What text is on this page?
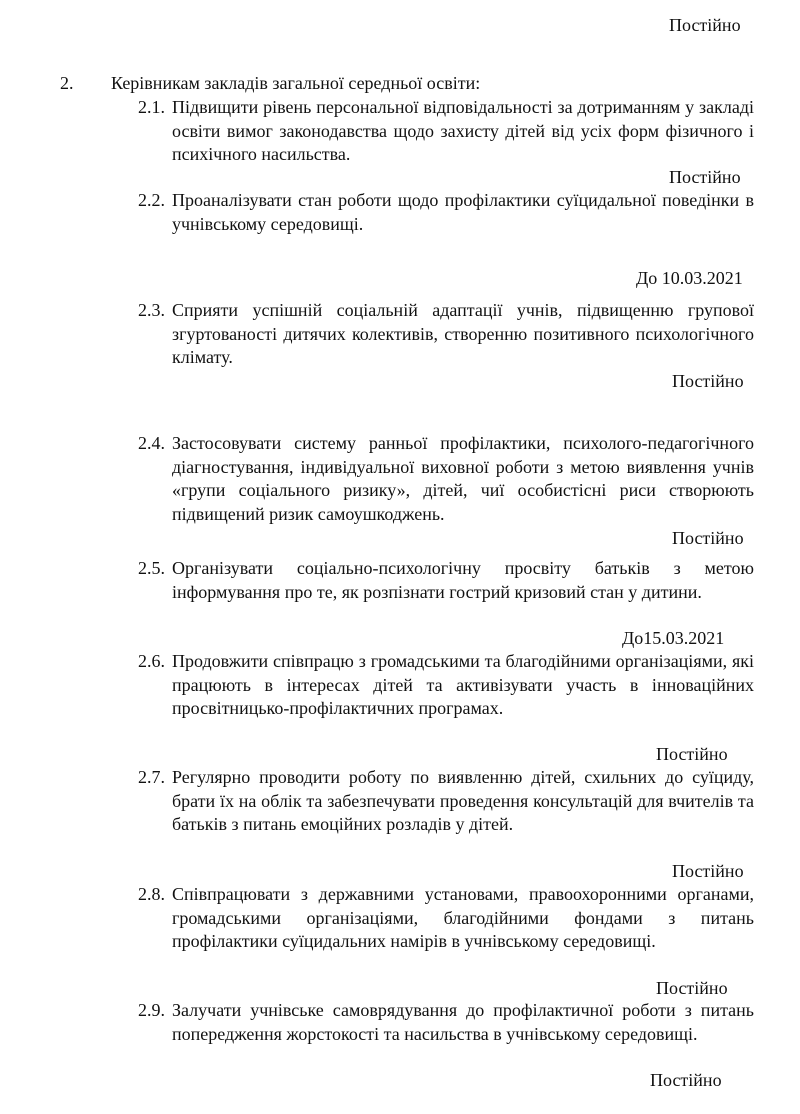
Постійно
2. Керівникам закладів загальної середньої освіти:
2.1. Підвищити рівень персональної відповідальності за дотриманням у закладі освіти вимог законодавства щодо захисту дітей від усіх форм фізичного і психічного насильства.
Постійно
2.2. Проаналізувати стан роботи щодо профілактики суїцидальної поведінки в учнівському середовищі.
До 10.03.2021
2.3. Сприяти успішній соціальній адаптації учнів, підвищенню групової згуртованості дитячих колективів, створенню позитивного психологічного клімату.
Постійно
2.4. Застосовувати систему ранньої профілактики, психолого-педагогічного діагностування, індивідуальної виховної роботи з метою виявлення учнів «групи соціального ризику», дітей, чиї особистісні риси створюють підвищений ризик самоушкоджень.
Постійно
2.5. Організувати соціально-психологічну просвіту батьків з метою інформування про те, як розпізнати гострий кризовий стан у дитини.
До15.03.2021
2.6. Продовжити співпрацю з громадськими та благодійними організаціями, які працюють в інтересах дітей та активізувати участь в інноваційних просвітницько-профілактичних програмах.
Постійно
2.7. Регулярно проводити роботу по виявленню дітей, схильних до суїциду, брати їх на облік та забезпечувати проведення консультацій для вчителів та батьків з питань емоційних розладів у дітей.
Постійно
2.8. Співпрацювати з державними установами, правоохоронними органами, громадськими організаціями, благодійними фондами з питань профілактики суїцидальних намірів в учнівському середовищі.
Постійно
2.9. Залучати учнівське самоврядування до профілактичної роботи з питань попередження жорстокості та насильства в учнівському середовищі.
Постійно
